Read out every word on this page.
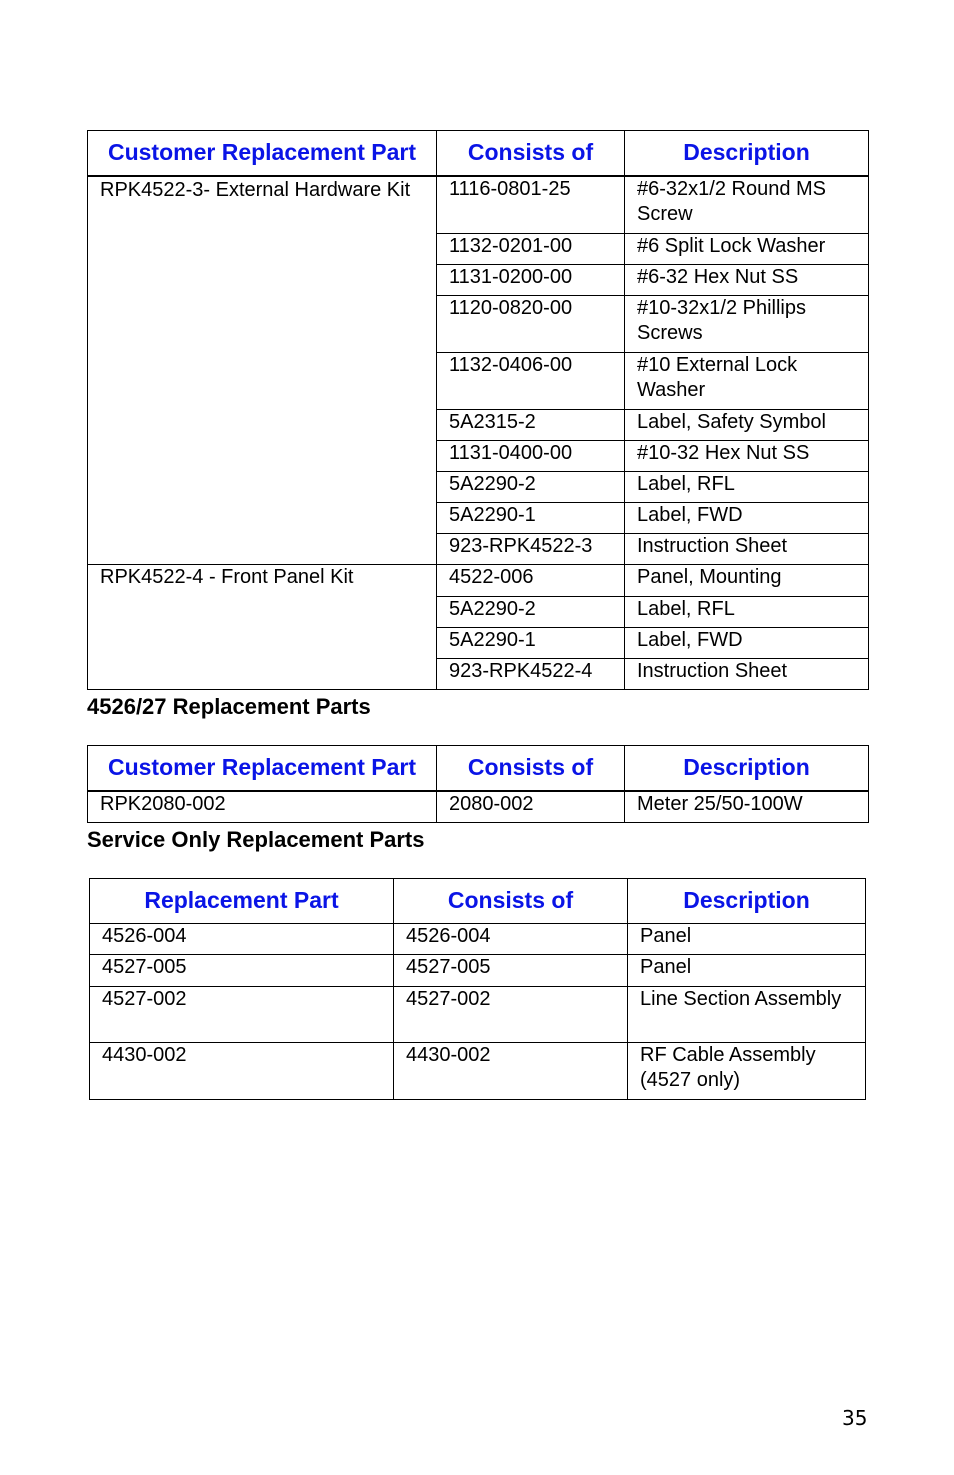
Customer Replacement Part	Consists of	Description
RPK4522-3- External Hardware Kit	1116-0801-25	#6-32x1/2 Round MS Screw
	1132-0201-00	#6 Split Lock Washer
	1131-0200-00	#6-32 Hex Nut SS
	1120-0820-00	#10-32x1/2 Phillips Screws
	1132-0406-00	#10 External Lock Washer
	5A2315-2	Label, Safety Symbol
	1131-0400-00	#10-32 Hex Nut SS
	5A2290-2	Label, RFL
	5A2290-1	Label, FWD
	923-RPK4522-3	Instruction Sheet
RPK4522-4 - Front Panel Kit	4522-006	Panel, Mounting
	5A2290-2	Label, RFL
	5A2290-1	Label, FWD
	923-RPK4522-4	Instruction Sheet

4526/27 Replacement Parts

Customer Replacement Part	Consists of	Description
RPK2080-002	2080-002	Meter 25/50-100W

Service Only Replacement Parts

Replacement Part	Consists of	Description
4526-004	4526-004	Panel
4527-005	4527-005	Panel
4527-002	4527-002	Line Section Assembly
4430-002	4430-002	RF Cable Assembly (4527 only)
35
